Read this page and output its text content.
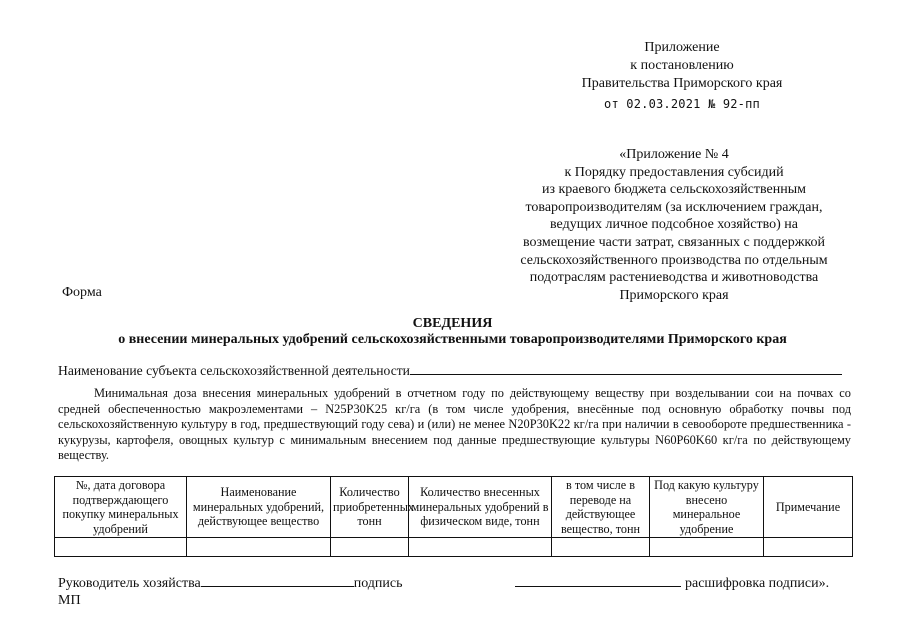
Приложение
к постановлению
Правительства Приморского края
от 02.03.2021 № 92-пп
«Приложение № 4
к Порядку предоставления субсидий
из краевого бюджета сельскохозяйственным
товаропроизводителям (за исключением граждан,
ведущих личное подсобное хозяйство) на
возмещение части затрат, связанных с поддержкой
сельскохозяйственного производства по отдельным
подотраслям растениеводства и животноводства
Приморского края
Форма
СВЕДЕНИЯ
о внесении минеральных удобрений сельскохозяйственными товаропроизводителями Приморского края
Наименование субъекта сельскохозяйственной деятельности
Минимальная доза внесения минеральных удобрений в отчетном году по действующему веществу при возделывании сои на почвах со средней обеспеченностью макроэлементами – N25P30K25 кг/га (в том числе удобрения, внесённые под основную обработку почвы под сельскохозяйственную культуру в год, предшествующий году сева) и (или) не менее N20P30K22 кг/га при наличии в севообороте предшественника - кукурузы, картофеля, овощных культур с минимальным внесением под данные предшествующие культуры N60P60K60 кг/га по действующему веществу.
№, дата договора подтверждающего покупку минеральных удобрений	Наименование минеральных удобрений, действующее вещество	Количество приобретенных тонн	Количество внесенных минеральных удобрений в физическом виде, тонн	в том числе в переводе на действующее вещество, тонн	Под какую культуру внесено минеральное удобрение	Примечание

Руководитель хозяйства	подпись	расшифровка подписи».
МП
